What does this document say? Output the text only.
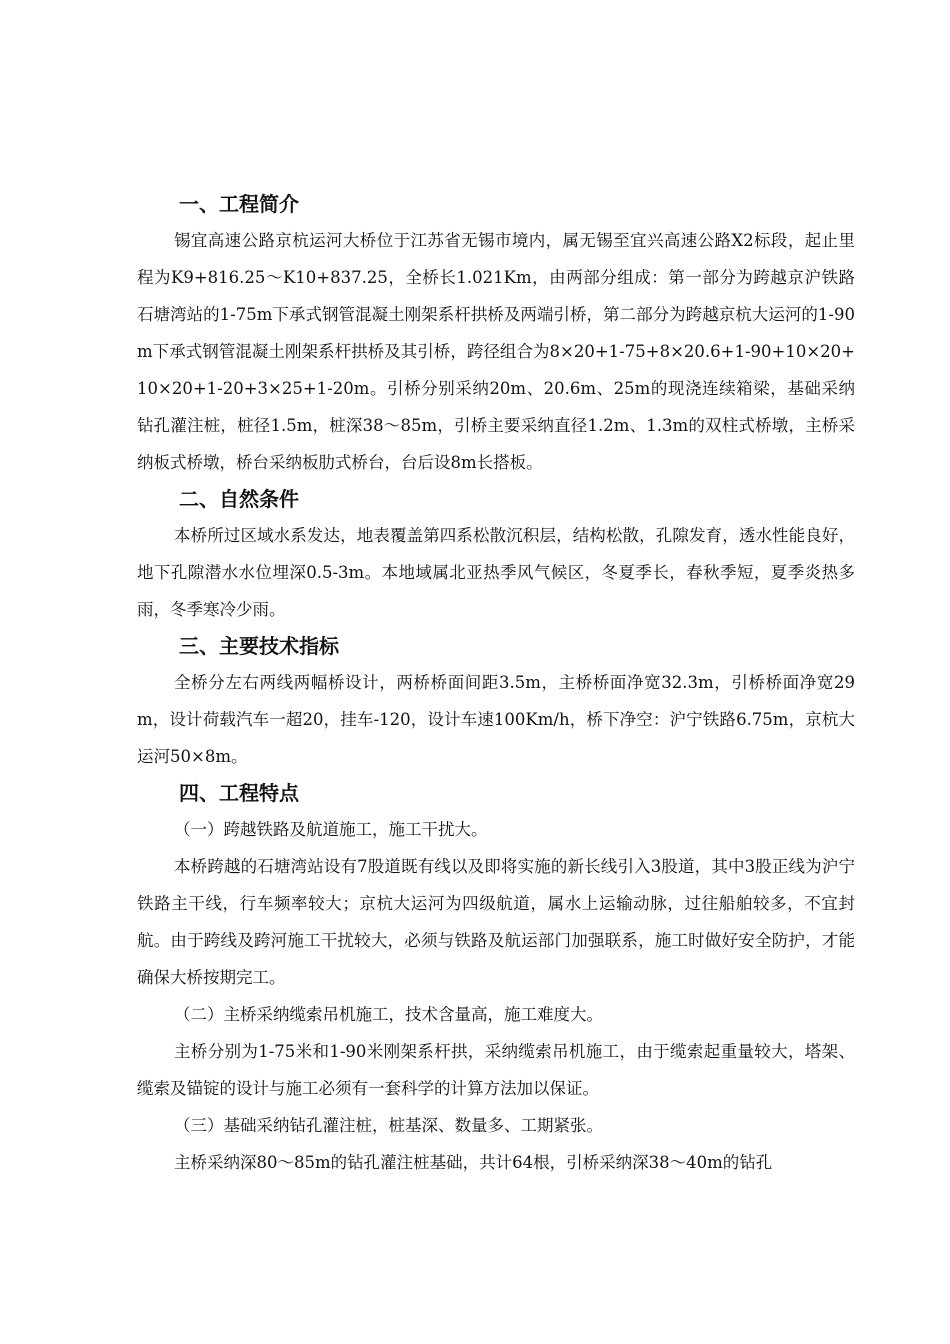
一、工程简介

锡宜高速公路京杭运河大桥位于江苏省无锡市境内，属无锡至宜兴高速公路X2标段，起止里程为K9+816.25～K10+837.25，全桥长1.021Km，由两部分组成：第一部分为跨越京沪铁路石塘湾站的1-75m下承式钢管混凝土刚架系杆拱桥及两端引桥，第二部分为跨越京杭大运河的1-90m下承式钢管混凝土刚架系杆拱桥及其引桥，跨径组合为8×20+1-75+8×20.6+1-90+10×20+10×20+1-20+3×25+1-20m。引桥分别采纳20m、20.6m、25m的现浇连续箱梁，基础采纳钻孔灌注桩，桩径1.5m，桩深38～85m，引桥主要采纳直径1.2m、1.3m的双柱式桥墩，主桥采纳板式桥墩，桥台采纳板肋式桥台，台后设8m长搭板。

二、自然条件

本桥所过区域水系发达，地表覆盖第四系松散沉积层，结构松散，孔隙发育，透水性能良好，地下孔隙潜水水位埋深0.5-3m。本地域属北亚热季风气候区，冬夏季长，春秋季短，夏季炎热多雨，冬季寒冷少雨。

三、主要技术指标

全桥分左右两线两幅桥设计，两桥桥面间距3.5m，主桥桥面净宽32.3m，引桥桥面净宽29m，设计荷载汽车一超20，挂车-120，设计车速100Km/h，桥下净空：沪宁铁路6.75m，京杭大运河50×8m。

四、工程特点

（一）跨越铁路及航道施工，施工干扰大。

本桥跨越的石塘湾站设有7股道既有线以及即将实施的新长线引入3股道，其中3股正线为沪宁铁路主干线，行车频率较大；京杭大运河为四级航道，属水上运输动脉，过往船舶较多，不宜封航。由于跨线及跨河施工干扰较大，必须与铁路及航运部门加强联系，施工时做好安全防护，才能确保大桥按期完工。

（二）主桥采纳缆索吊机施工，技术含量高，施工难度大。

主桥分别为1-75米和1-90米刚架系杆拱，采纳缆索吊机施工，由于缆索起重量较大，塔架、缆索及锚锭的设计与施工必须有一套科学的计算方法加以保证。

（三）基础采纳钻孔灌注桩，桩基深、数量多、工期紧张。

主桥采纳深80～85m的钻孔灌注桩基础，共计64根，引桥采纳深38～40m的钻孔
